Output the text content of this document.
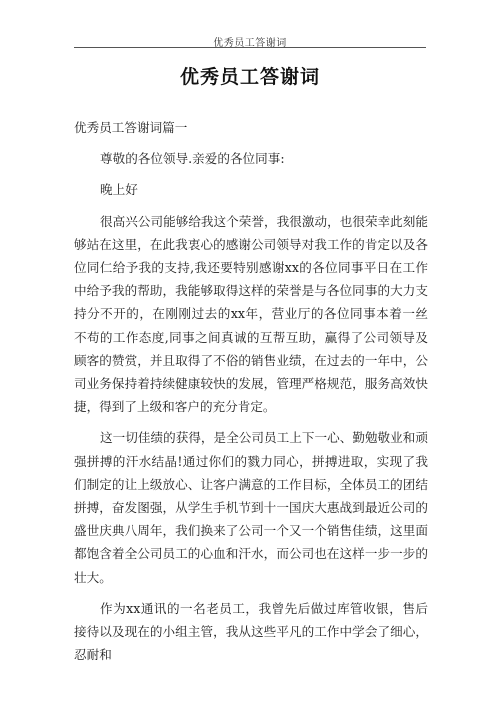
优秀员工答谢词
优秀员工答谢词

优秀员工答谢词篇一

尊敬的各位领导.亲爱的各位同事:

晚上好

很高兴公司能够给我这个荣誉，我很激动，也很荣幸此刻能够站在这里，在此我衷心的感谢公司领导对我工作的肯定以及各位同仁给予我的支持,我还要特别感谢xx的各位同事平日在工作中给予我的帮助，我能够取得这样的荣誉是与各位同事的大力支持分不开的，在刚刚过去的xx年，营业厅的各位同事本着一丝不苟的工作态度,同事之间真诚的互帮互助，赢得了公司领导及顾客的赞赏，并且取得了不俗的销售业绩，在过去的一年中，公司业务保持着持续健康较快的发展，管理严格规范，服务高效快捷，得到了上级和客户的充分肯定。

这一切佳绩的获得，是全公司员工上下一心、勤勉敬业和顽强拼搏的汗水结晶!通过你们的戮力同心，拼搏进取，实现了我们制定的让上级放心、让客户满意的工作目标，全体员工的团结拼搏，奋发图强，从学生手机节到十一国庆大惠战到最近公司的盛世庆典八周年，我们换来了公司一个又一个销售佳绩，这里面都饱含着全公司员工的心血和汗水，而公司也在这样一步一步的壮大。

作为xx通讯的一名老员工，我曾先后做过库管收银，售后接待以及现在的小组主管，我从这些平凡的工作中学会了细心，忍耐和
